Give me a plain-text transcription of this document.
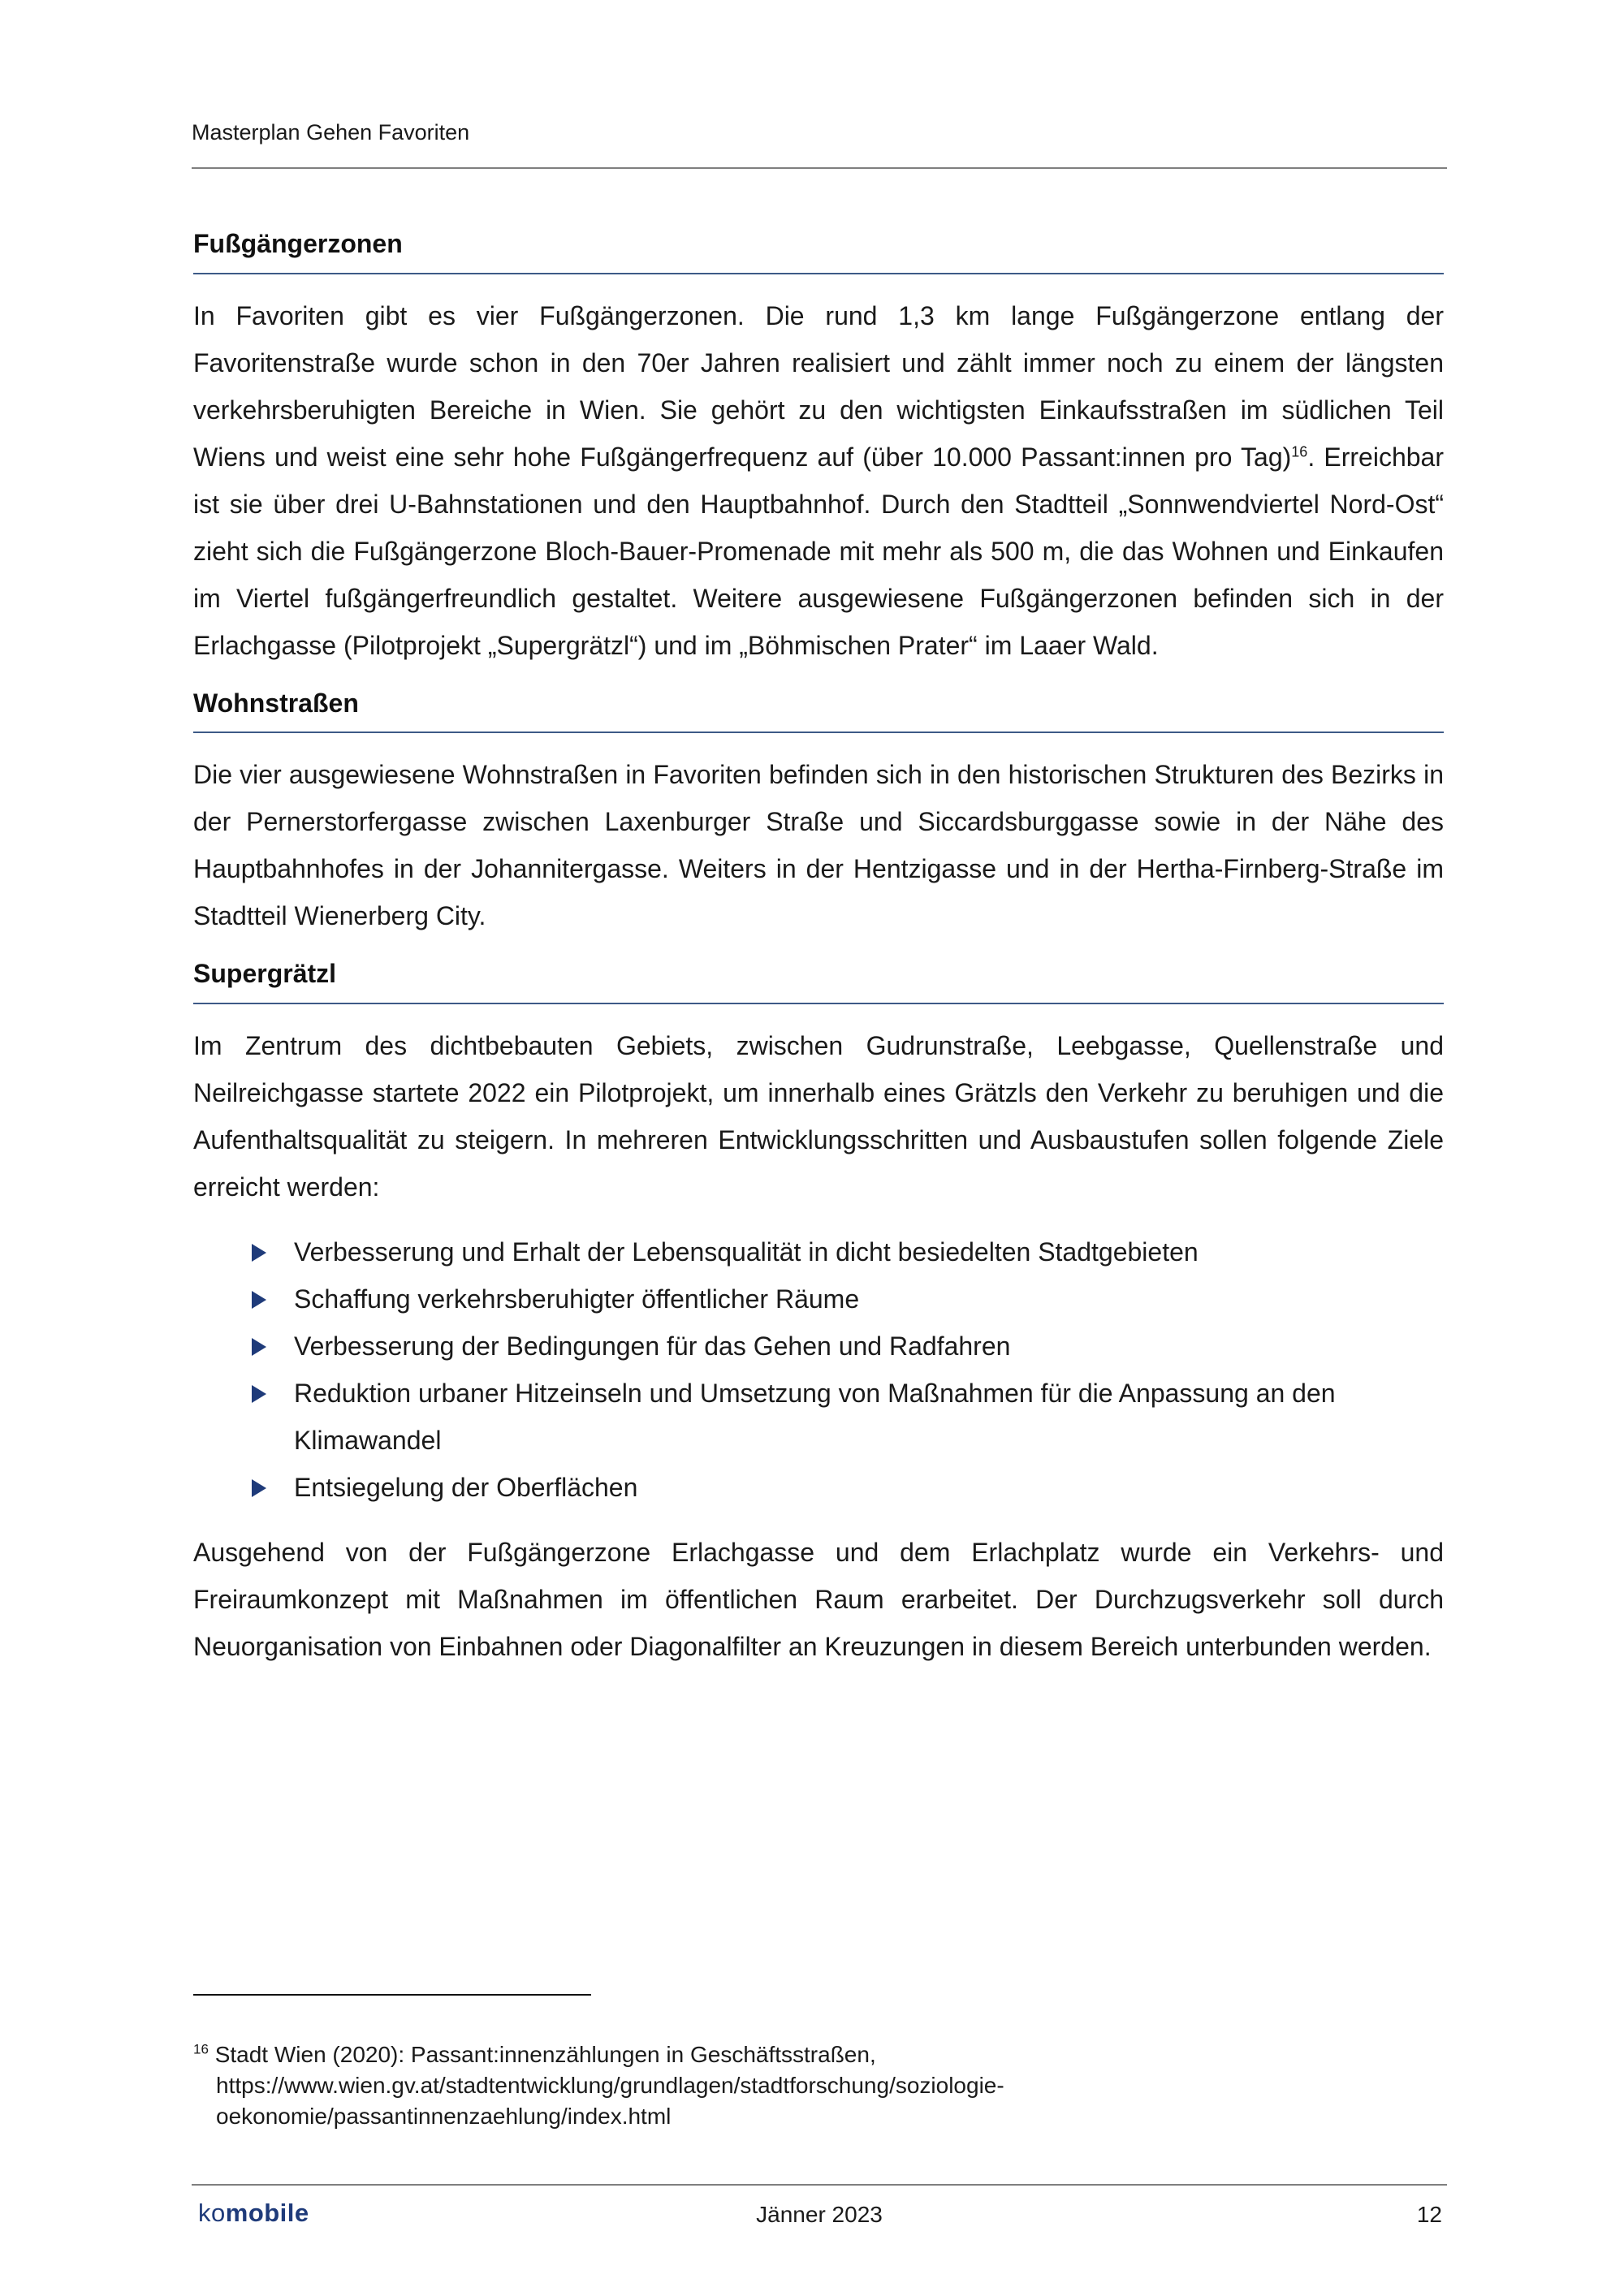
Masterplan Gehen Favoriten
Fußgängerzonen

In Favoriten gibt es vier Fußgängerzonen. Die rund 1,3 km lange Fußgängerzone entlang der Favoritenstraße wurde schon in den 70er Jahren realisiert und zählt immer noch zu einem der längsten verkehrsberuhigten Bereiche in Wien. Sie gehört zu den wichtigsten Einkaufsstraßen im südlichen Teil Wiens und weist eine sehr hohe Fußgängerfrequenz auf (über 10.000 Passant:innen pro Tag)$^{16}$. Erreichbar ist sie über drei U-Bahnstationen und den Hauptbahnhof. Durch den Stadtteil „Sonnwendviertel Nord-Ost“ zieht sich die Fußgängerzone Bloch-Bauer-Promenade mit mehr als 500 m, die das Wohnen und Einkaufen im Viertel fußgängerfreundlich gestaltet. Weitere ausgewiesene Fußgängerzonen befinden sich in der Erlachgasse (Pilotprojekt „Supergrätzl“) und im „Böhmischen Prater“ im Laaer Wald.

Wohnstraßen

Die vier ausgewiesene Wohnstraßen in Favoriten befinden sich in den historischen Strukturen des Bezirks in der Pernerstorfergasse zwischen Laxenburger Straße und Siccardsburggasse sowie in der Nähe des Hauptbahnhofes in der Johannitergasse. Weiters in der Hentzigasse und in der Hertha-Firnberg-Straße im Stadtteil Wienerberg City.

Supergrätzl

Im Zentrum des dichtbebauten Gebiets, zwischen Gudrunstraße, Leebgasse, Quellenstraße und Neilreichgasse startete 2022 ein Pilotprojekt, um innerhalb eines Grätzls den Verkehr zu beruhigen und die Aufenthaltsqualität zu steigern. In mehreren Entwicklungsschritten und Ausbaustufen sollen folgende Ziele erreicht werden:

Verbesserung und Erhalt der Lebensqualität in dicht besiedelten Stadtgebieten
Schaffung verkehrsberuhigter öffentlicher Räume
Verbesserung der Bedingungen für das Gehen und Radfahren
Reduktion urbaner Hitzeinseln und Umsetzung von Maßnahmen für die Anpassung an den Klimawandel
Entsiegelung der Oberflächen

Ausgehend von der Fußgängerzone Erlachgasse und dem Erlachplatz wurde ein Verkehrs- und Freiraumkonzept mit Maßnahmen im öffentlichen Raum erarbeitet. Der Durchzugsverkehr soll durch Neuorganisation von Einbahnen oder Diagonalfilter an Kreuzungen in diesem Bereich unterbunden werden.

$^{16}$ Stadt Wien (2020): Passant:innenzählungen in Geschäftsstraßen,
https://www.wien.gv.at/stadtentwicklung/grundlagen/stadtforschung/soziologie-oekonomie/passantinnenzaehlung/index.html
komobile	Jänner 2023	12
